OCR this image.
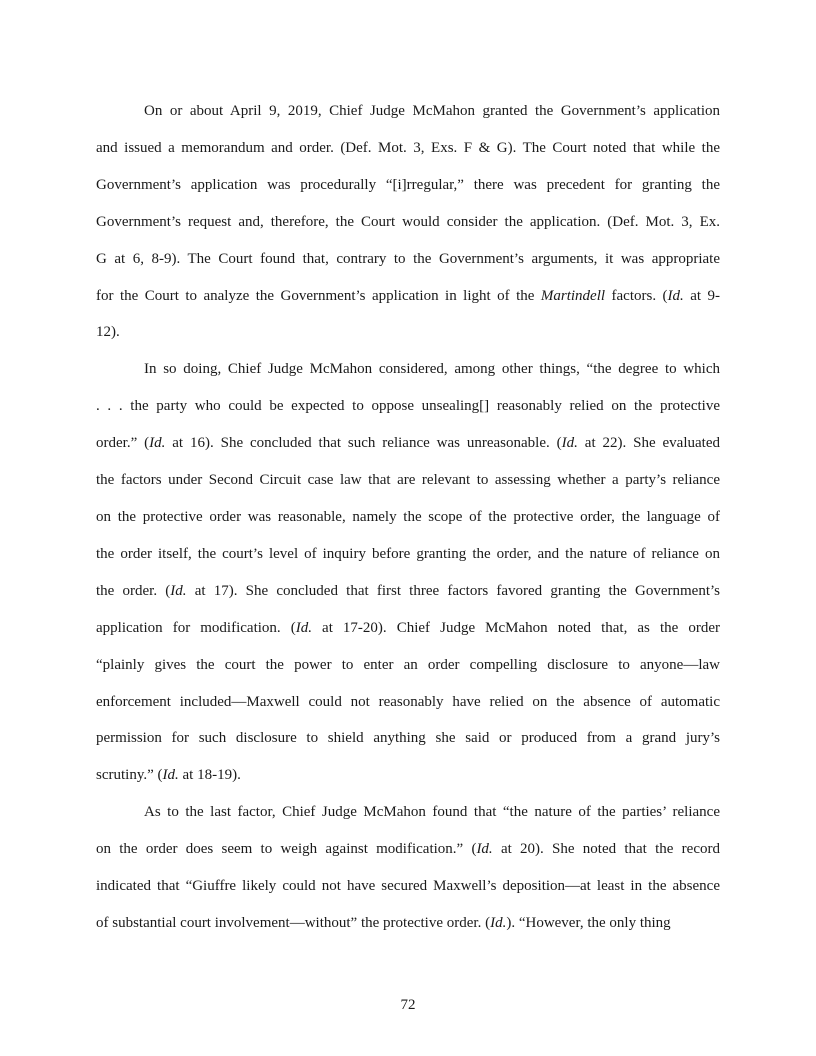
On or about April 9, 2019, Chief Judge McMahon granted the Government’s application
and issued a memorandum and order. (Def. Mot. 3, Exs. F & G). The Court noted that while the
Government’s application was procedurally “[i]rregular,” there was precedent for granting the
Government’s request and, therefore, the Court would consider the application. (Def. Mot. 3, Ex.
G at 6, 8-9). The Court found that, contrary to the Government’s arguments, it was appropriate
for the Court to analyze the Government’s application in light of the Martindell factors. (Id. at 9-
12).
In so doing, Chief Judge McMahon considered, among other things, “the degree to which
. . . the party who could be expected to oppose unsealing[] reasonably relied on the protective
order.” (Id. at 16). She concluded that such reliance was unreasonable. (Id. at 22). She evaluated
the factors under Second Circuit case law that are relevant to assessing whether a party’s reliance
on the protective order was reasonable, namely the scope of the protective order, the language of
the order itself, the court’s level of inquiry before granting the order, and the nature of reliance on
the order. (Id. at 17). She concluded that first three factors favored granting the Government’s
application for modification. (Id. at 17-20). Chief Judge McMahon noted that, as the order
“plainly gives the court the power to enter an order compelling disclosure to anyone—law
enforcement included—Maxwell could not reasonably have relied on the absence of automatic
permission for such disclosure to shield anything she said or produced from a grand jury’s
scrutiny.” (Id. at 18-19).
As to the last factor, Chief Judge McMahon found that “the nature of the parties’ reliance
on the order does seem to weigh against modification.” (Id. at 20). She noted that the record
indicated that “Giuffre likely could not have secured Maxwell’s deposition—at least in the absence
of substantial court involvement—without” the protective order. (Id.). “However, the only thing
72
